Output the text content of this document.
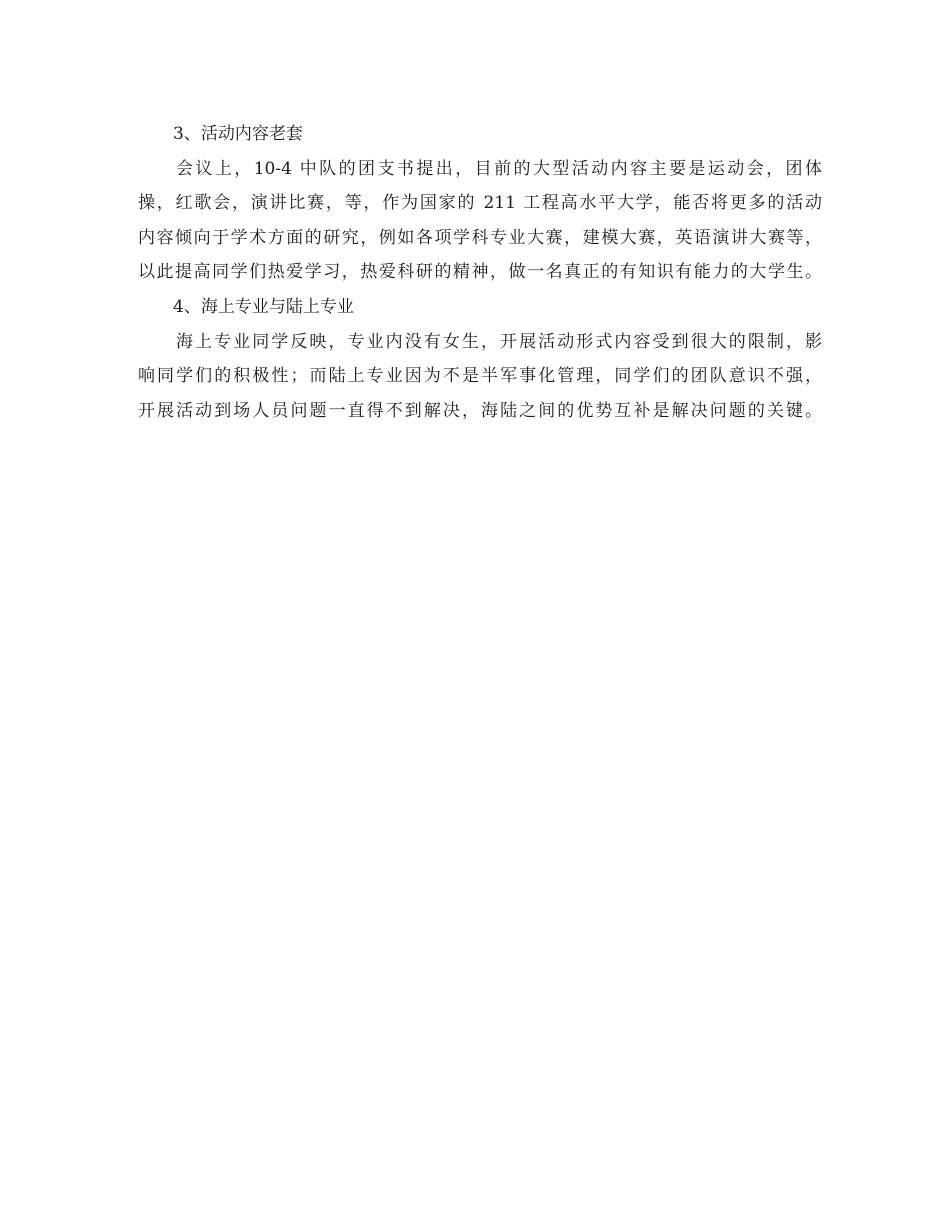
3、活动内容老套
会议上，10-4 中队的团支书提出，目前的大型活动内容主要是运动会，团体
操，红歌会，演讲比赛，等，作为国家的 211 工程高水平大学，能否将更多的活动
内容倾向于学术方面的研究，例如各项学科专业大赛，建模大赛，英语演讲大赛等，
以此提高同学们热爱学习，热爱科研的精神，做一名真正的有知识有能力的大学生。
4、海上专业与陆上专业
海上专业同学反映，专业内没有女生，开展活动形式内容受到很大的限制，影
响同学们的积极性；而陆上专业因为不是半军事化管理，同学们的团队意识不强，
开展活动到场人员问题一直得不到解决，海陆之间的优势互补是解决问题的关键。
